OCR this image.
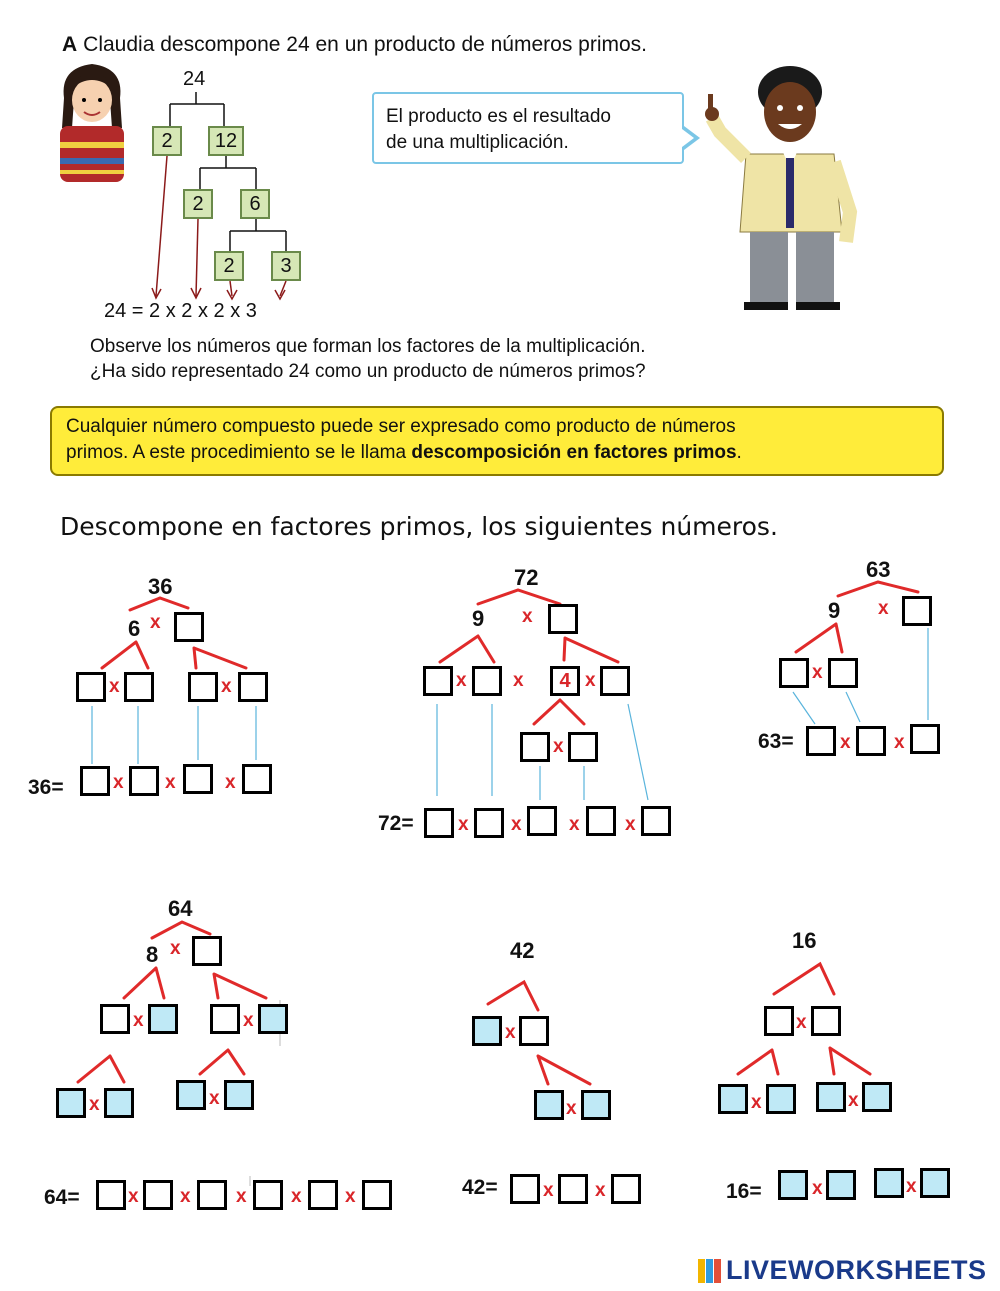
A Claudia descompone 24 en un producto de números primos.
24
2	12
2	6
2	3
24 = 2 x 2 x 2 x 3
El producto es el resultado
de una multiplicación.
Observe los números que forman los factores de la multiplicación.
¿Ha sido representado 24 como un producto de números primos?
Cualquier número compuesto puede ser expresado como producto de números
primos. A este procedimiento se le llama descomposición en factores primos.
Descompone en factores primos, los siguientes números.
36
6 x
x	x
36=	x x	x
72
9 x
x x	4 x
x
72= x x x x
63
9 x
x
63= x x
64
8 x
x	x
x	x
64=	x x x x x
42
x
x
42= x x
16
x
x	x
16=	x	x
LIVEWORKSHEETS
